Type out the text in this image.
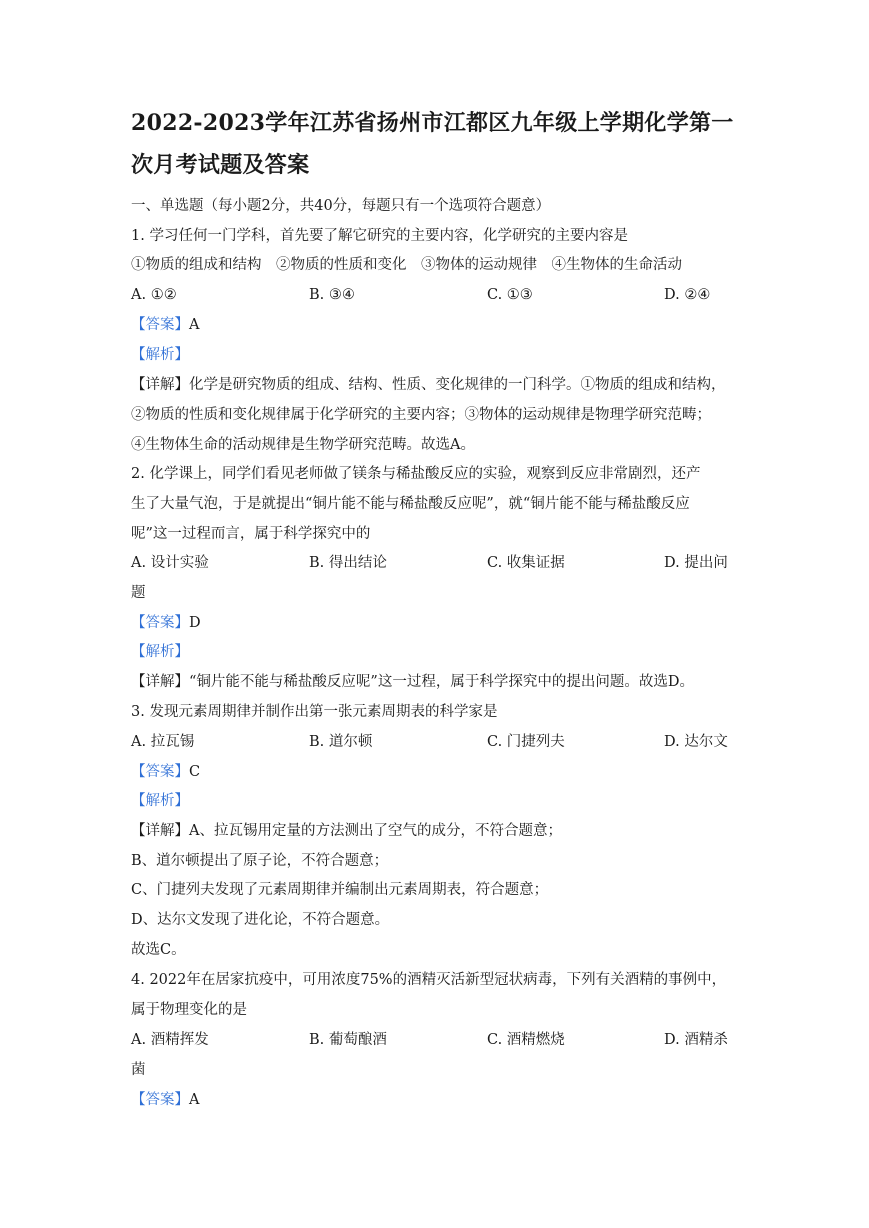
2022-2023学年江苏省扬州市江都区九年级上学期化学第一
次月考试题及答案
一、单选题（每小题2分，共40分，每题只有一个选项符合题意）
1. 学习任何一门学科，首先要了解它研究的主要内容，化学研究的主要内容是
①物质的组成和结构　②物质的性质和变化　③物体的运动规律　④生物体的生命活动
A. ①②	B. ③④	C. ①③	D. ②④
【答案】A
【解析】
【详解】化学是研究物质的组成、结构、性质、变化规律的一门科学。①物质的组成和结构，
②物质的性质和变化规律属于化学研究的主要内容；③物体的运动规律是物理学研究范畴；
④生物体生命的活动规律是生物学研究范畴。故选A。
2. 化学课上，同学们看见老师做了镁条与稀盐酸反应的实验，观察到反应非常剧烈，还产
生了大量气泡，于是就提出“铜片能不能与稀盐酸反应呢”，就“铜片能不能与稀盐酸反应
呢”这一过程而言，属于科学探究中的
A. 设计实验	B. 得出结论	C. 收集证据	D. 提出问
题
【答案】D
【解析】
【详解】“铜片能不能与稀盐酸反应呢”这一过程，属于科学探究中的提出问题。故选D。
3. 发现元素周期律并制作出第一张元素周期表的科学家是
A. 拉瓦锡	B. 道尔顿	C. 门捷列夫	D. 达尔文
【答案】C
【解析】
【详解】A、拉瓦锡用定量的方法测出了空气的成分，不符合题意；
B、道尔顿提出了原子论，不符合题意；
C、门捷列夫发现了元素周期律并编制出元素周期表，符合题意；
D、达尔文发现了进化论，不符合题意。
故选C。
4. 2022年在居家抗疫中，可用浓度75%的酒精灭活新型冠状病毒，下列有关酒精的事例中，
属于物理变化的是
A. 酒精挥发	B. 葡萄酿酒	C. 酒精燃烧	D. 酒精杀
菌
【答案】A
